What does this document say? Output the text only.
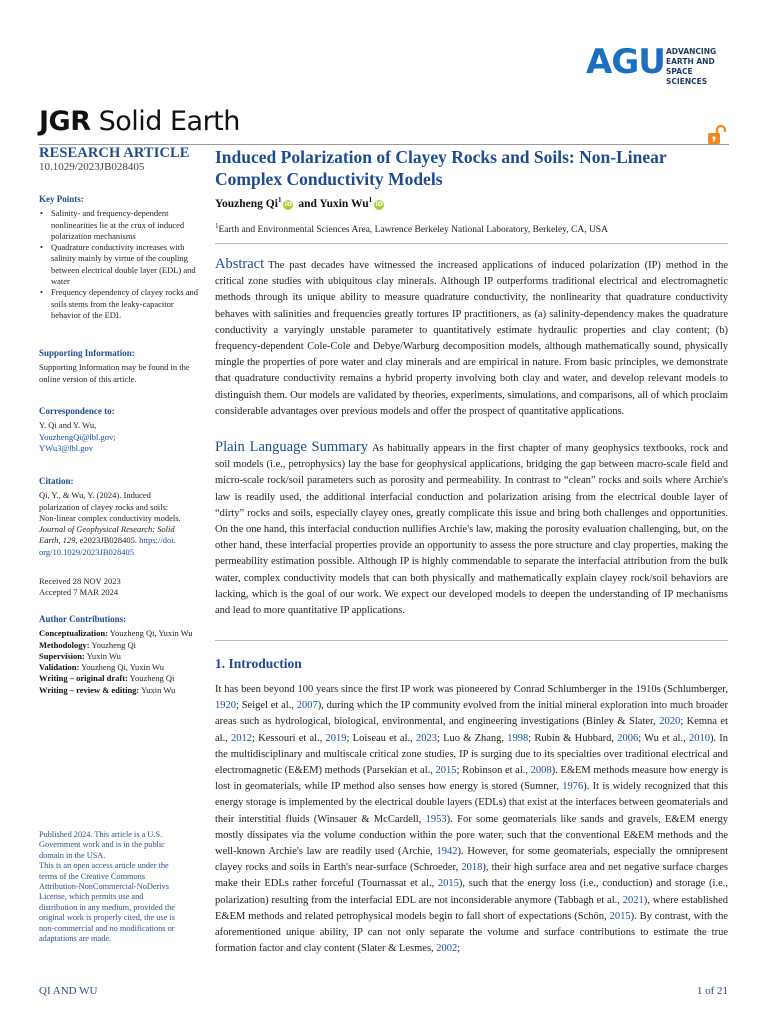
AGU ADVANCING
EARTH AND
SPACE SCIENCES
JGR Solid Earth
RESEARCH ARTICLE
10.1029/2023JB028405
Key Points:
• Salinity- and frequency-dependent nonlinearities lie at the crux of induced polarization mechanisms
• Quadrature conductivity increases with salinity mainly by virtue of the coupling between electrical double layer (EDL) and water
• Frequency dependency of clayey rocks and soils stems from the leaky-capacitor behavior of the EDL
Supporting Information:
Supporting Information may be found in the online version of this article.
Correspondence to:
Y. Qi and Y. Wu,
YouzhengQi@lbl.gov;
YWu3@lbl.gov
Citation:
Qi, Y., & Wu, Y. (2024). Induced
polarization of clayey rocks and soils:
Non-linear complex conductivity models.
Journal of Geophysical Research: Solid
Earth, 129, e2023JB028405. https://doi.
org/10.1029/2023JB028405
Received 28 NOV 2023
Accepted 7 MAR 2024
Author Contributions:

Conceptualization: Youzheng Qi, Yuxin Wu

Methodology: Youzheng Qi

Supervision: Yuxin Wu

Validation: Youzheng Qi, Yuxin Wu

Writing – original draft: Youzheng Qi

Writing – review & editing: Yuxin Wu

Published 2024. This article is a U.S.
Government work and is in the public
domain in the USA.
This is an open access article under the
terms of the Creative Commons
Attribution-NonCommercial-NoDerivs
License, which permits use and
distribution in any medium, provided the
original work is properly cited, the use is
non-commercial and no modifications or
adaptations are made.
Induced Polarization of Clayey Rocks and Soils: Non-Linear Complex Conductivity Models
Youzheng Qi$^1$iD and Yuxin Wu$^1$iD
$^1$Earth and Environmental Sciences Area, Lawrence Berkeley National Laboratory, Berkeley, CA, USA
Abstract The past decades have witnessed the increased applications of induced polarization (IP) method in the critical zone studies with ubiquitous clay minerals. Although IP outperforms traditional electrical and electromagnetic methods through its unique ability to measure quadrature conductivity, the nonlinearity that quadrature conductivity behaves with salinities and frequencies greatly tortures IP practitioners, as (a) salinity-dependency makes the quadrature conductivity a varyingly unstable parameter to quantitatively estimate hydraulic properties and clay content; (b) frequency-dependent Cole-Cole and Debye/Warburg decomposition models, although mathematically sound, physically mingle the properties of pore water and clay minerals and are empirical in nature. From basic principles, we demonstrate that quadrature conductivity remains a hybrid property involving both clay and water, and develop relevant models to distinguish them. Our models are validated by theories, experiments, simulations, and comparisons, all of which proclaim considerable advantages over previous models and offer the prospect of quantitative applications.
Plain Language Summary As habitually appears in the first chapter of many geophysics textbooks, rock and soil models (i.e., petrophysics) lay the base for geophysical applications, bridging the gap between macro-scale field and micro-scale rock/soil parameters such as porosity and permeability. In contrast to “clean” rocks and soils where Archie's law is readily used, the additional interfacial conduction and polarization arising from the electrical double layer of “dirty” rocks and soils, especially clayey ones, greatly complicate this issue and bring both challenges and opportunities. On the one hand, this interfacial conduction nullifies Archie's law, making the porosity evaluation challenging, but, on the other hand, these interfacial properties provide an opportunity to assess the pore structure and clay properties, making the permeability estimation possible. Although IP is highly commendable to separate the interfacial attribution from the bulk water, complex conductivity models that can both physically and mathematically explain clayey rock/soil behaviors are lacking, which is the goal of our work. We expect our developed models to deepen the understanding of IP mechanisms and lead to more quantitative IP applications.
1. Introduction
It has been beyond 100 years since the first IP work was pioneered by Conrad Schlumberger in the 1910s (Schlumberger, 1920; Seigel et al., 2007), during which the IP community evolved from the initial mineral exploration into much broader areas such as hydrological, biological, environmental, and engineering investigations (Binley & Slater, 2020; Kemna et al., 2012; Kessouri et al., 2019; Loiseau et al., 2023; Luo & Zhang, 1998; Rubin & Hubbard, 2006; Wu et al., 2010). In the multidisciplinary and multiscale critical zone studies, IP is surging due to its specialties over traditional electrical and electromagnetic (E&EM) methods (Parsekian et al., 2015; Robinson et al., 2008). E&EM methods measure how energy is lost in geomaterials, while IP method also senses how energy is stored (Sumner, 1976). It is widely recognized that this energy storage is implemented by the electrical double layers (EDLs) that exist at the interfaces between geomaterials and their interstitial fluids (Winsauer & McCardell, 1953). For some geomaterials like sands and gravels, E&EM energy mostly dissipates via the volume conduction within the pore water, such that the conventional E&EM methods and the well-known Archie's law are readily used (Archie, 1942). However, for some geomaterials, especially the omnipresent clayey rocks and soils in Earth's near-surface (Schroeder, 2018), their high surface area and net negative surface charges make their EDLs rather forceful (Tournassat et al., 2015), such that the energy loss (i.e., conduction) and storage (i.e., polarization) resulting from the interfacial EDL are not inconsiderable anymore (Tabbagh et al., 2021), where established E&EM methods and related petrophysical models begin to fall short of expectations (Schön, 2015). By contrast, with the aforementioned unique ability, IP can not only separate the volume and surface contributions to estimate the true formation factor and clay content (Slater & Lesmes, 2002;
QI AND WU	1 of 21
